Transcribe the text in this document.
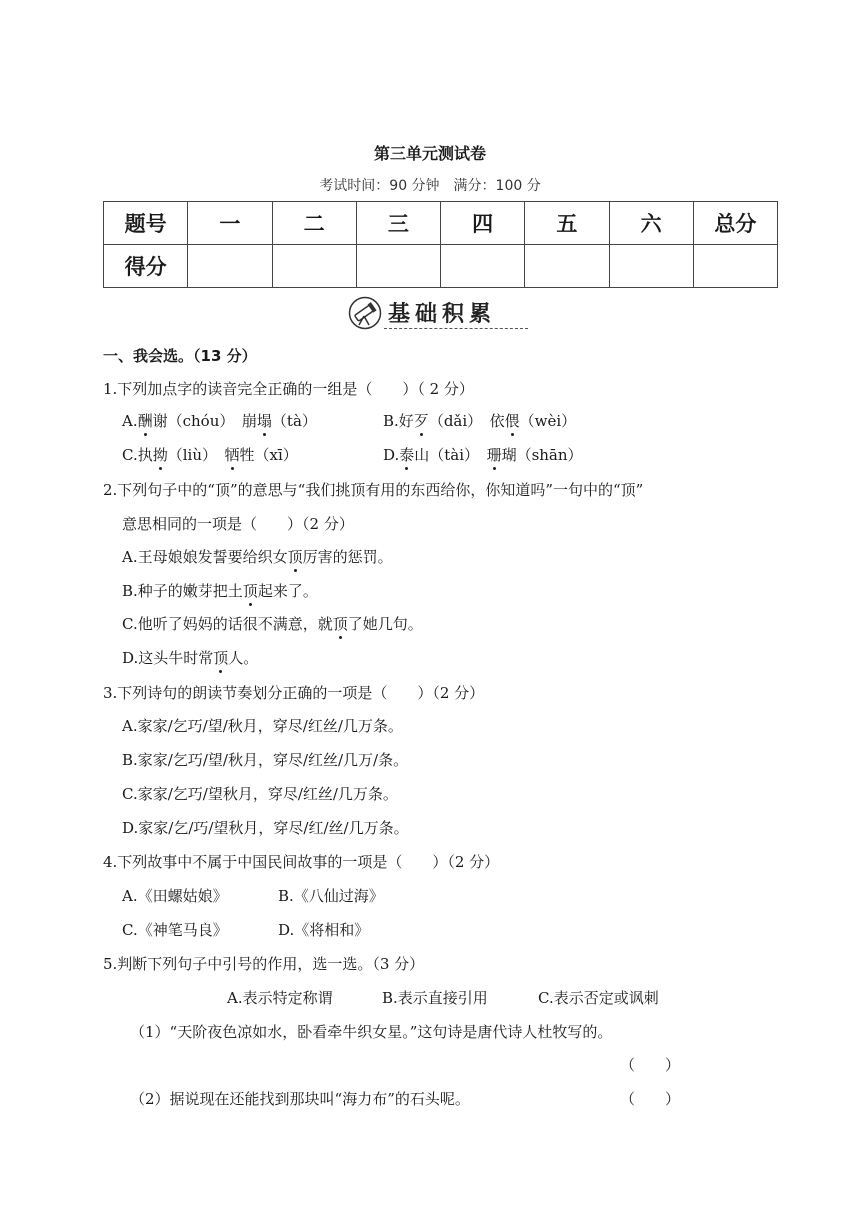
第三单元测试卷
考试时间：90 分钟　满分：100 分
题号	一	二	三	四	五	六	总分
得分							
基础积累
一、我会选。（13 分）
1.下列加点字的读音完全正确的一组是（　　）（ 2 分）
A.酬谢（chóu）　崩塌（tà）	B.好歹（dǎi）　依偎（wèi）
C.执拗（liù）　牺牲（xī）	D.泰山（tài）　珊瑚（shān）
2.下列句子中的“顶”的意思与“我们挑顶有用的东西给你，你知道吗”一句中的“顶”
意思相同的一项是（　　）（2 分）
A.王母娘娘发誓要给织女顶厉害的惩罚。
B.种子的嫩芽把土顶起来了。
C.他听了妈妈的话很不满意，就顶了她几句。
D.这头牛时常顶人。
3.下列诗句的朗读节奏划分正确的一项是（　　）（2 分）
A.家家/乞巧/望/秋月，穿尽/红丝/几万条。
B.家家/乞巧/望/秋月，穿尽/红丝/几万/条。
C.家家/乞巧/望秋月，穿尽/红丝/几万条。
D.家家/乞/巧/望秋月，穿尽/红/丝/几万条。
4.下列故事中不属于中国民间故事的一项是（　　）（2 分）
A.《田螺姑娘》	B.《八仙过海》
C.《神笔马良》	D.《将相和》
5.判断下列句子中引号的作用，选一选。（3 分）
A.表示特定称谓	B.表示直接引用	C.表示否定或讽刺
（1）“天阶夜色凉如水，卧看牵牛织女星。”这句诗是唐代诗人杜牧写的。
（　　）
（2）据说现在还能找到那块叫“海力布”的石头呢。	（　　）
